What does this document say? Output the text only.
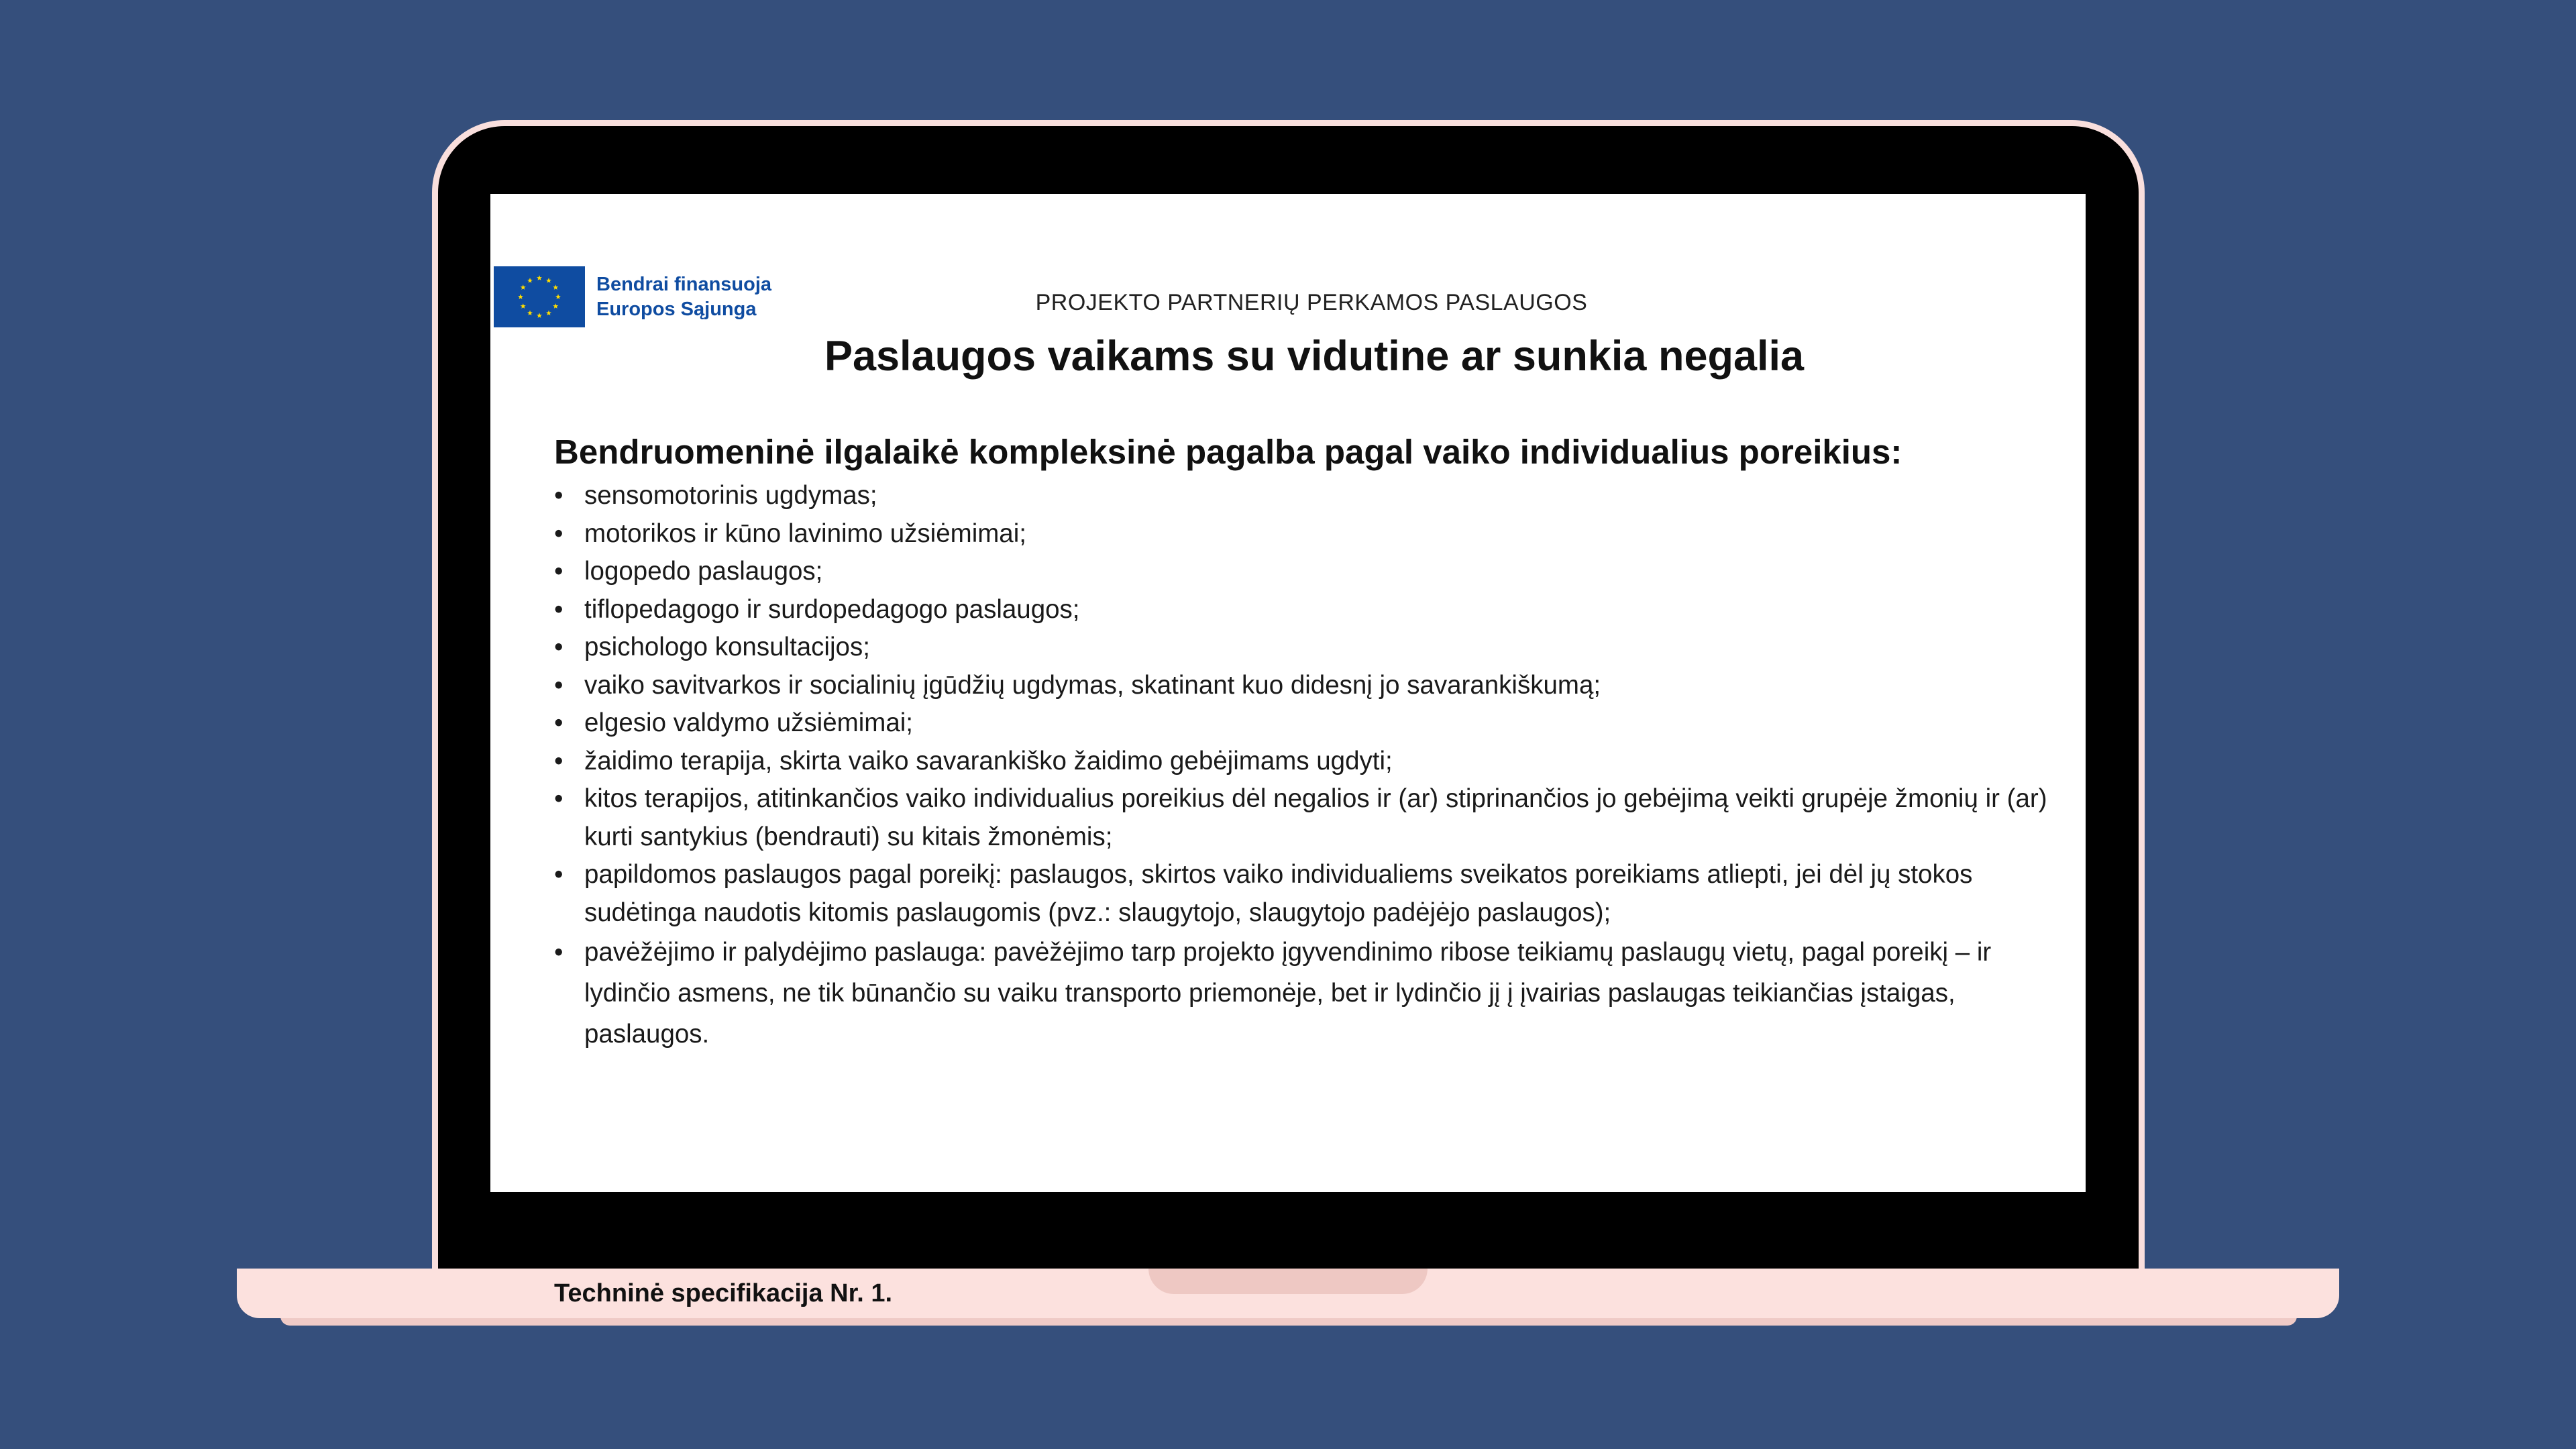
Bendrai finansuoja
Europos Sąjunga	PROJEKTO PARTNERIŲ PERKAMOS PASLAUGOS
Paslaugos vaikams su vidutine ar sunkia negalia
Bendruomeninė ilgalaikė kompleksinė pagalba pagal vaiko individualius poreikius:
• sensomotorinis ugdymas;
• motorikos ir kūno lavinimo užsiėmimai;
• logopedo paslaugos;
• tiflopedagogo ir surdopedagogo paslaugos;
• psichologo konsultacijos;
• vaiko savitvarkos ir socialinių įgūdžių ugdymas, skatinant kuo didesnį jo savarankiškumą;
• elgesio valdymo užsiėmimai;
• žaidimo terapija, skirta vaiko savarankiško žaidimo gebėjimams ugdyti;
• kitos terapijos, atitinkančios vaiko individualius poreikius dėl negalios ir (ar) stiprinančios jo gebėjimą veikti grupėje žmonių ir (ar) kurti santykius (bendrauti) su kitais žmonėmis;
• papildomos paslaugos pagal poreikį: paslaugos, skirtos vaiko individualiems sveikatos poreikiams atliepti, jei dėl jų stokos sudėtinga naudotis kitomis paslaugomis (pvz.: slaugytojo, slaugytojo padėjėjo paslaugos);
• pavėžėjimo ir palydėjimo paslauga: pavėžėjimo tarp projekto įgyvendinimo ribose teikiamų paslaugų vietų, pagal poreikį – ir lydinčio asmens, ne tik būnančio su vaiku transporto priemonėje, bet ir lydinčio jį į įvairias paslaugas teikiančias įstaigas, paslaugos.
Techninė specifikacija Nr. 1.
